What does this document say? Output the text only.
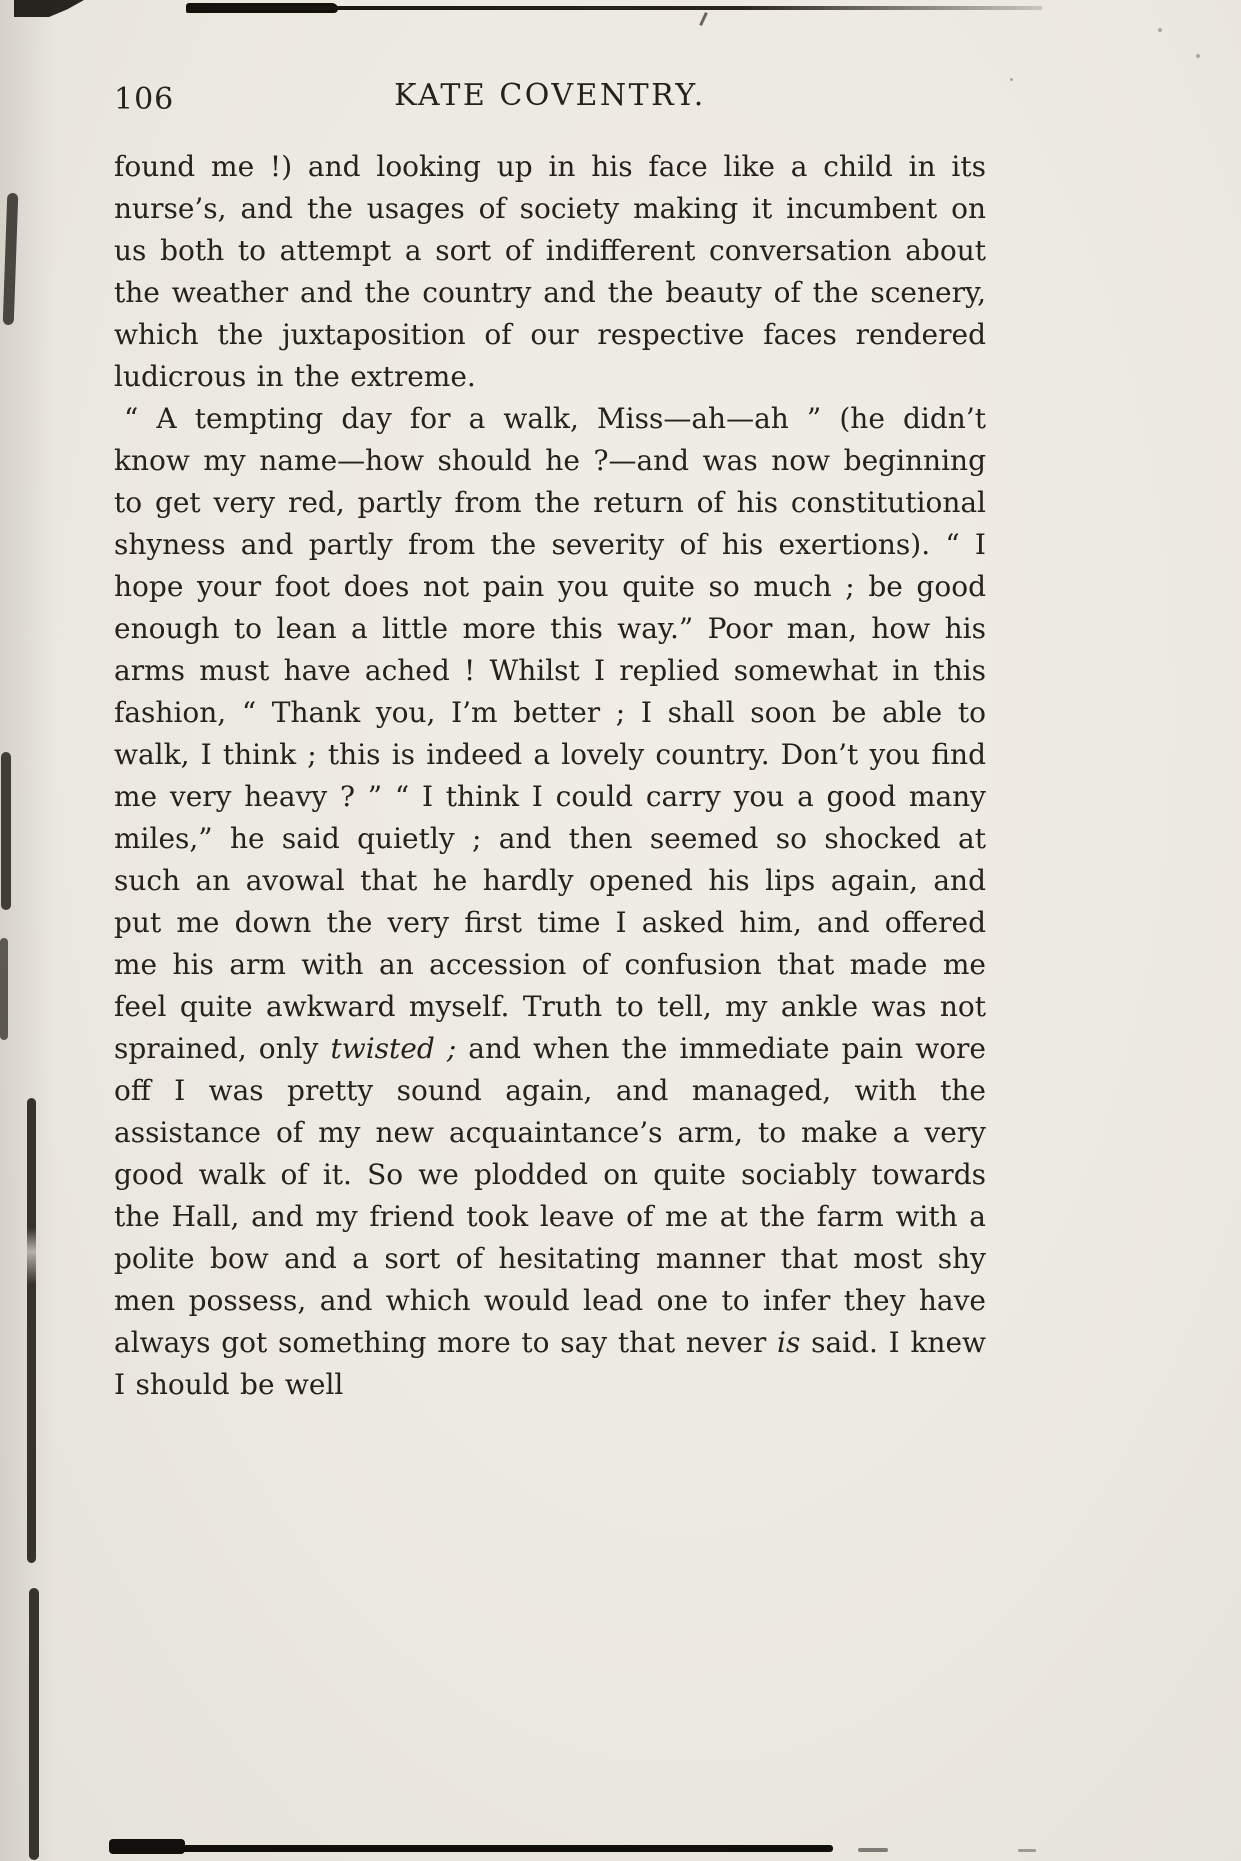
106	KATE COVENTRY.

found me !) and looking up in his face like a child in its nurse’s, and the usages of society making it incumbent on us both to attempt a sort of indifferent conversation about the weather and the country and the beauty of the scenery, which the juxtaposition of our respective faces rendered ludicrous in the extreme.

“ A tempting day for a walk, Miss—ah—ah ” (he didn’t know my name—how should he ?—and was now beginning to get very red, partly from the return of his constitutional shyness and partly from the severity of his exertions). “ I hope your foot does not pain you quite so much ; be good enough to lean a little more this way.” Poor man, how his arms must have ached ! Whilst I replied somewhat in this fashion, “ Thank you, I’m better ; I shall soon be able to walk, I think ; this is indeed a lovely country. Don’t you find me very heavy ? ” “ I think I could carry you a good many miles,” he said quietly ; and then seemed so shocked at such an avowal that he hardly opened his lips again, and put me down the very first time I asked him, and offered me his arm with an accession of confusion that made me feel quite awkward myself. Truth to tell, my ankle was not sprained, only twisted ; and when the immediate pain wore off I was pretty sound again, and managed, with the assistance of my new acquaintance’s arm, to make a very good walk of it. So we plodded on quite sociably towards the Hall, and my friend took leave of me at the farm with a polite bow and a sort of hesitating manner that most shy men possess, and which would lead one to infer they have always got something more to say that never is said. I knew I should be well
